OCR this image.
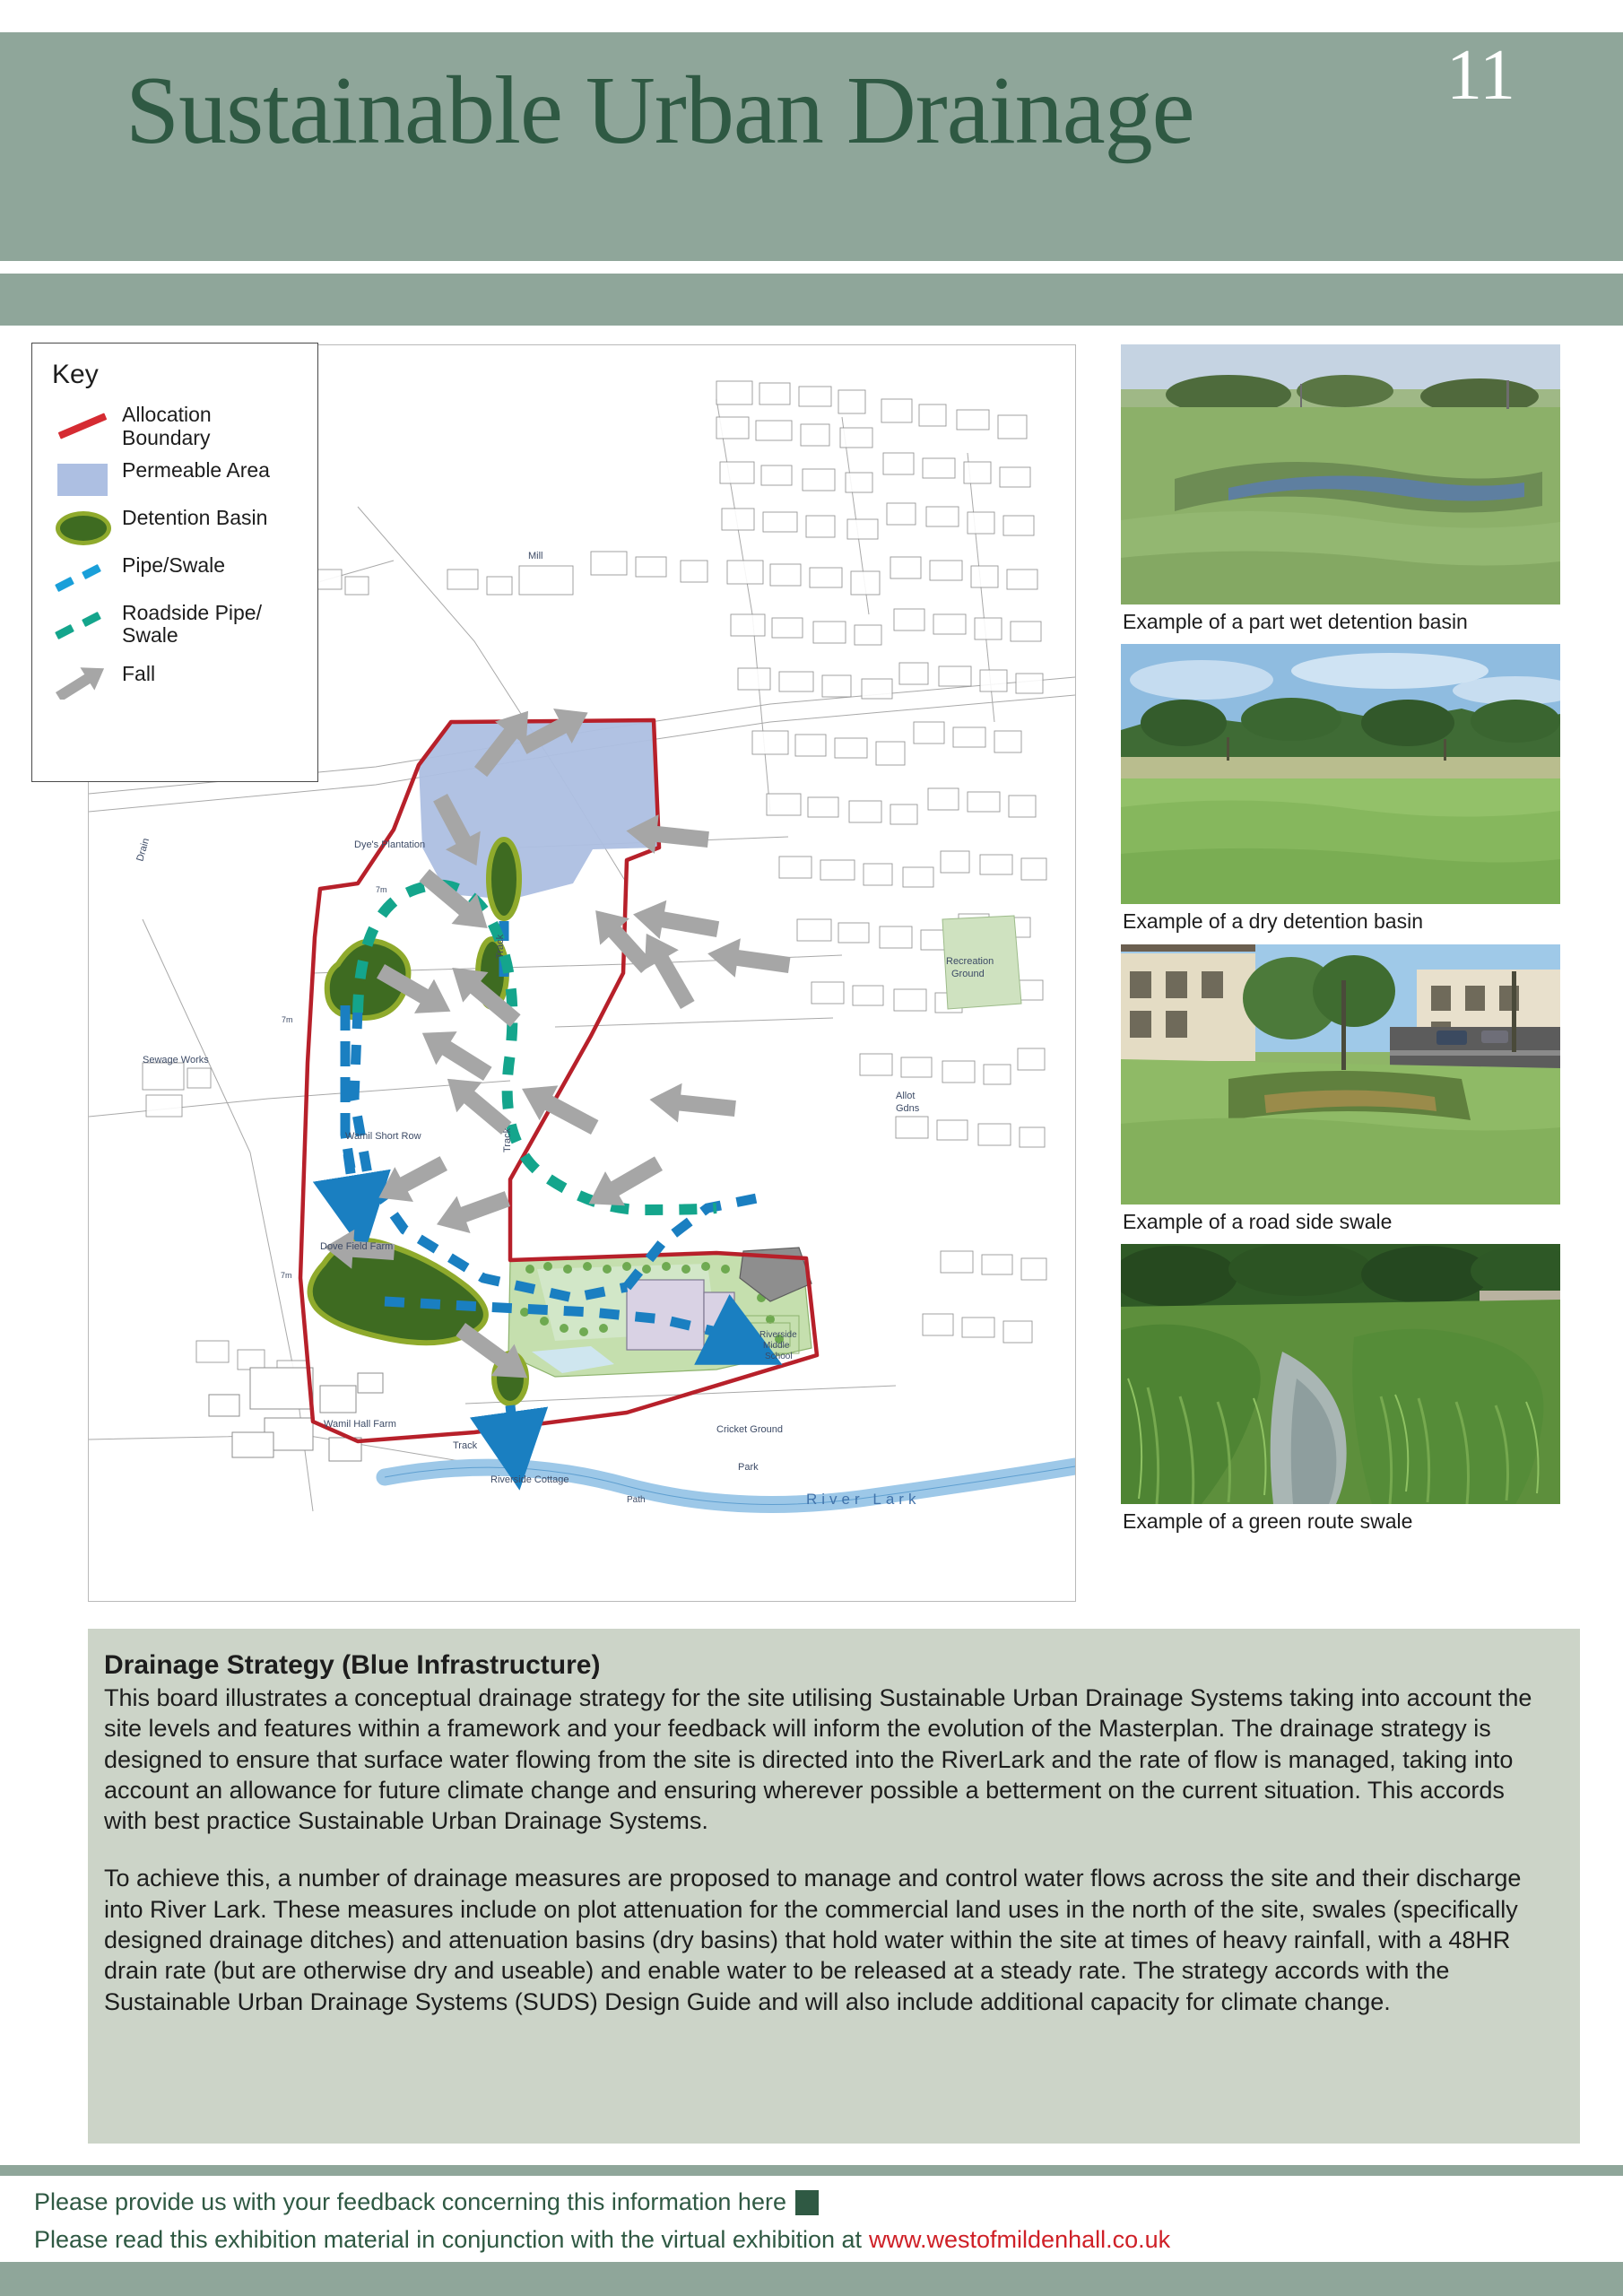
Sustainable Urban Drainage	11
Dye's Plantation
Wamil Short Row
Dove Field Farm
Wamil Hall Farm
Riverside Cottage
Cricket Ground
Recreation
Ground
Sewage Works
Allot
Gdns
Mill
Park
Track
Track
Track
Drain
Riverside
Middle
School
7m
7m
Path
7m
River Lark
Key
Allocation Boundary
Permeable Area
Detention Basin
Pipe/Swale
Roadside Pipe/ Swale
Fall
Example of a part wet detention basin
Example of a dry detention basin
Example of a road side swale
Example of a green route swale
Drainage Strategy (Blue Infrastructure)

This board illustrates a conceptual drainage strategy for the site utilising Sustainable Urban Drainage Systems taking into account the site levels and features within a framework and your feedback will inform the evolution of the Masterplan. The drainage strategy is designed to ensure that surface water flowing from the site is directed into the RiverLark and the rate of flow is managed, taking into account an allowance for future climate change and ensuring wherever possible a betterment on the current situation. This accords with best practice Sustainable Urban Drainage Systems.

To achieve this, a number of drainage measures are proposed to manage and control water flows across the site and their discharge into River Lark. These measures include on plot attenuation for the commercial land uses in the north of the site, swales (specifically designed drainage ditches) and attenuation basins (dry basins) that hold water within the site at times of heavy rainfall, with a 48HR drain rate (but are otherwise dry and useable) and enable water to be released at a steady rate. The strategy accords with the Sustainable Urban Drainage Systems (SUDS) Design Guide and will also include additional capacity for climate change.

Please provide us with your feedback concerning this information here
Please read this exhibition material in conjunction with the virtual exhibition at www.westofmildenhall.co.uk
